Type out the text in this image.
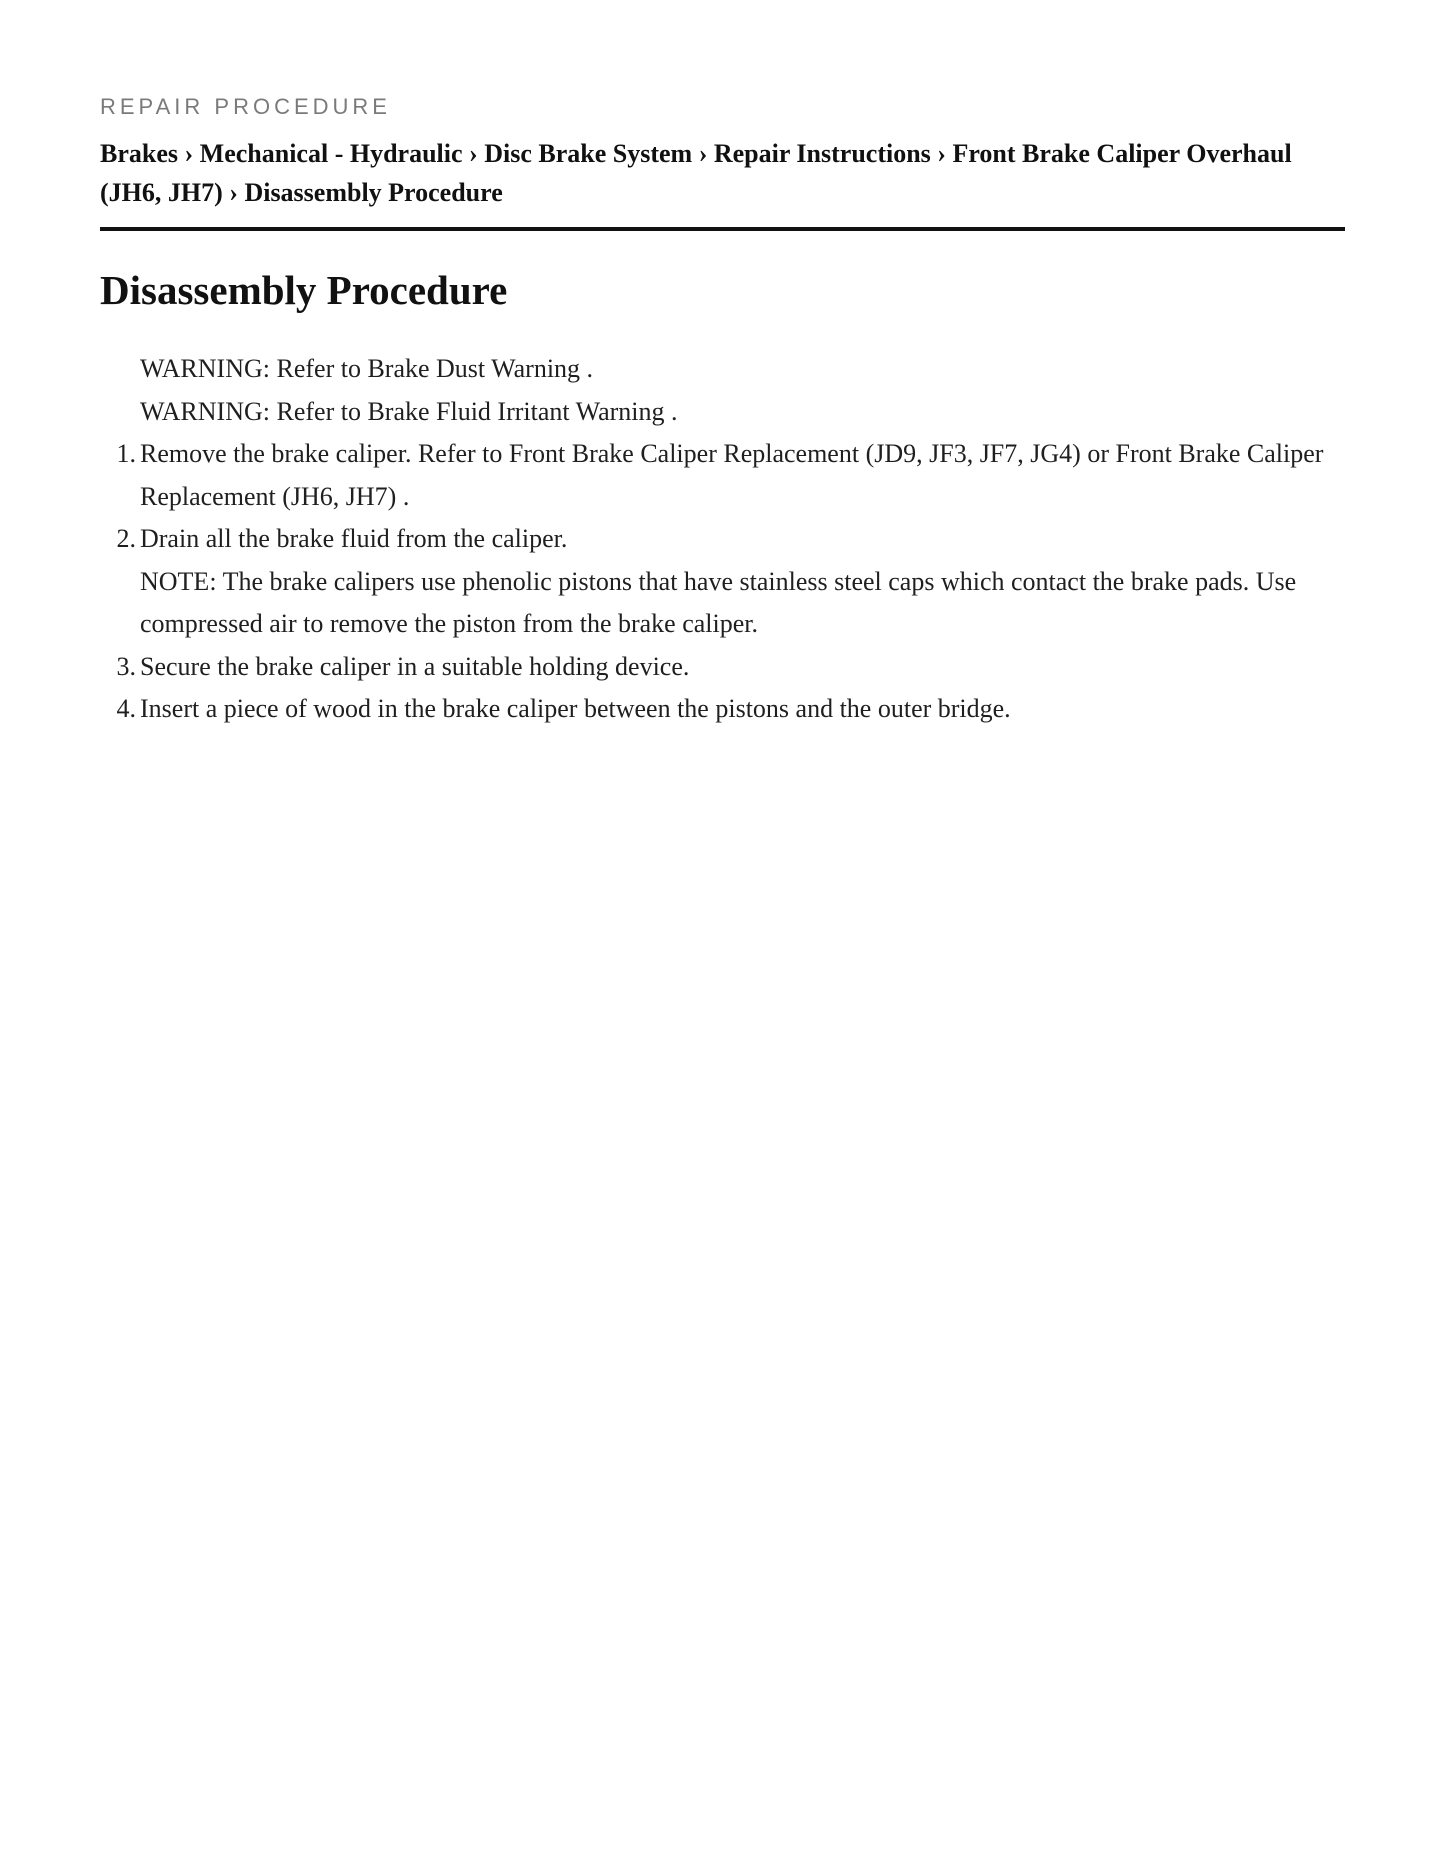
REPAIR PROCEDURE
Brakes › Mechanical - Hydraulic › Disc Brake System › Repair Instructions › Front Brake Caliper Overhaul (JH6, JH7) › Disassembly Procedure
Disassembly Procedure
WARNING: Refer to Brake Dust Warning .
WARNING: Refer to Brake Fluid Irritant Warning .
1. Remove the brake caliper. Refer to Front Brake Caliper Replacement (JD9, JF3, JF7, JG4) or Front Brake Caliper Replacement (JH6, JH7) .
2. Drain all the brake fluid from the caliper.
NOTE: The brake calipers use phenolic pistons that have stainless steel caps which contact the brake pads. Use compressed air to remove the piston from the brake caliper.
3. Secure the brake caliper in a suitable holding device.
4. Insert a piece of wood in the brake caliper between the pistons and the outer bridge.
